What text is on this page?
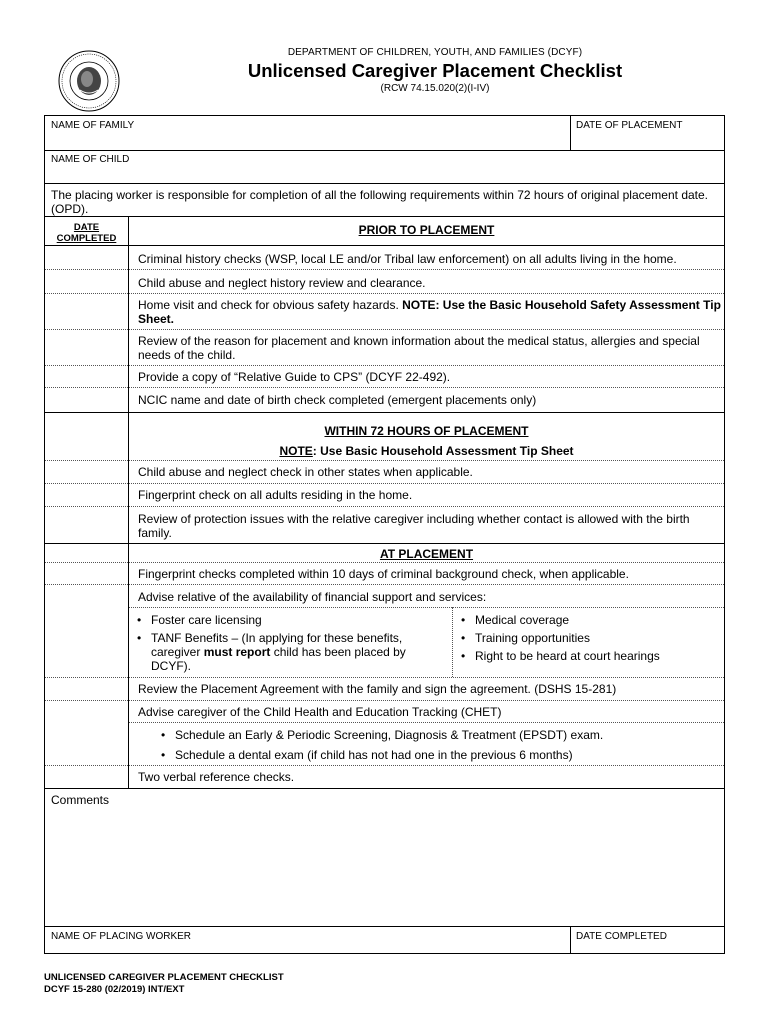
DEPARTMENT OF CHILDREN, YOUTH, AND FAMILIES (DCYF)
Unlicensed Caregiver Placement Checklist
(RCW 74.15.020(2)(I-IV)
NAME OF FAMILY	DATE OF PLACEMENT
NAME OF CHILD
The placing worker is responsible for completion of all the following requirements within 72 hours of original placement date. (OPD).
DATE
COMPLETED
PRIOR TO PLACEMENT
Criminal history checks (WSP, local LE and/or Tribal law enforcement) on all adults living in the home.
Child abuse and neglect history review and clearance.
Home visit and check for obvious safety hazards. NOTE: Use the Basic Household Safety Assessment Tip Sheet.
Review of the reason for placement and known information about the medical status, allergies and special needs of the child.
Provide a copy of “Relative Guide to CPS” (DCYF 22-492).
NCIC name and date of birth check completed (emergent placements only)
WITHIN 72 HOURS OF PLACEMENT
NOTE: Use Basic Household Assessment Tip Sheet
Child abuse and neglect check in other states when applicable.
Fingerprint check on all adults residing in the home.
Review of protection issues with the relative caregiver including whether contact is allowed with the birth family.
AT PLACEMENT
Fingerprint checks completed within 10 days of criminal background check, when applicable.
Advise relative of the availability of financial support and services:
• Foster care licensing
• TANF Benefits – (In applying for these benefits, caregiver must report child has been placed by DCYF).
• Medical coverage
• Training opportunities
• Right to be heard at court hearings
Review the Placement Agreement with the family and sign the agreement. (DSHS 15-281)
Advise caregiver of the Child Health and Education Tracking (CHET)
• Schedule an Early & Periodic Screening, Diagnosis & Treatment (EPSDT) exam.
• Schedule a dental exam (if child has not had one in the previous 6 months)
Two verbal reference checks.
Comments
NAME OF PLACING WORKER	DATE COMPLETED
UNLICENSED CAREGIVER PLACEMENT CHECKLIST
DCYF 15-280 (02/2019) INT/EXT
